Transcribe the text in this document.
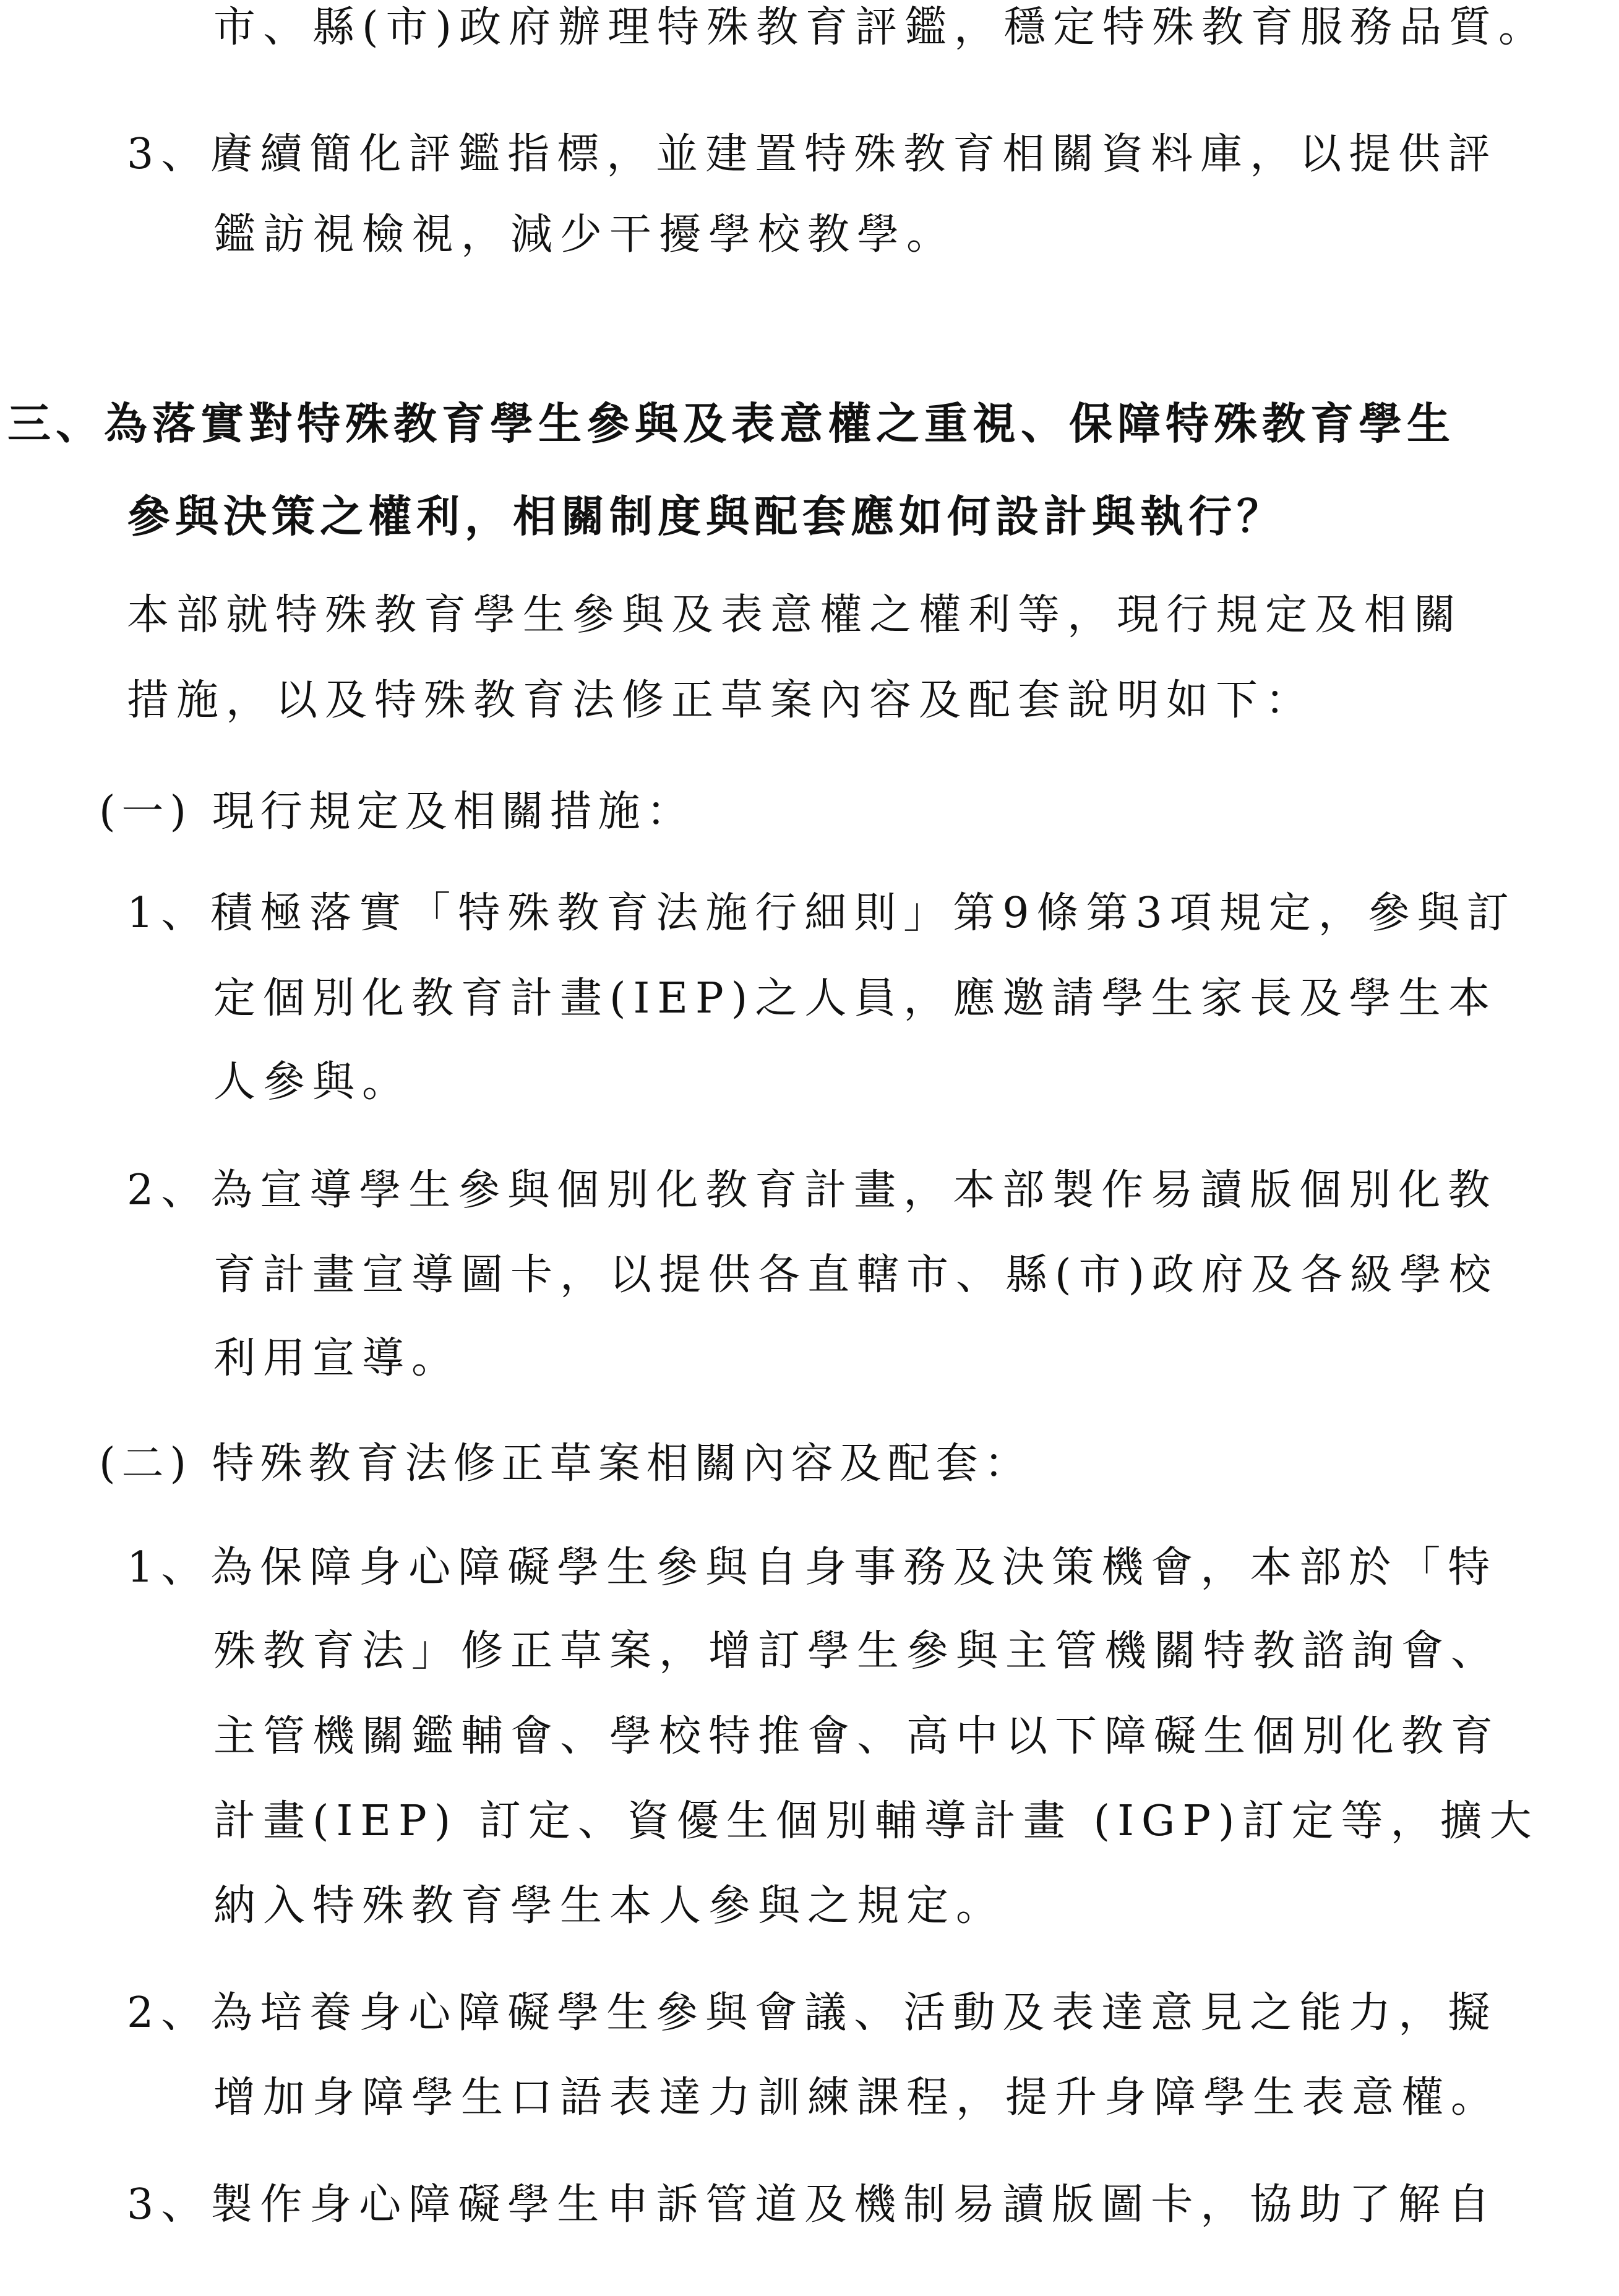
市、縣(市)政府辦理特殊教育評鑑，穩定特殊教育服務品質。
3、賡續簡化評鑑指標，並建置特殊教育相關資料庫，以提供評
鑑訪視檢視，減少干擾學校教學。
三、為落實對特殊教育學生參與及表意權之重視、保障特殊教育學生
參與決策之權利，相關制度與配套應如何設計與執行？
本部就特殊教育學生參與及表意權之權利等，現行規定及相關
措施，以及特殊教育法修正草案內容及配套說明如下：
(一) 現行規定及相關措施：
1、積極落實「特殊教育法施行細則」第9條第3項規定，參與訂
定個別化教育計畫(IEP)之人員，應邀請學生家長及學生本
人參與。
2、為宣導學生參與個別化教育計畫，本部製作易讀版個別化教
育計畫宣導圖卡，以提供各直轄市、縣(市)政府及各級學校
利用宣導。
(二) 特殊教育法修正草案相關內容及配套：
1、為保障身心障礙學生參與自身事務及決策機會，本部於「特
殊教育法」修正草案，增訂學生參與主管機關特教諮詢會、
主管機關鑑輔會、學校特推會、高中以下障礙生個別化教育
計畫(IEP) 訂定、資優生個別輔導計畫 (IGP)訂定等，擴大
納入特殊教育學生本人參與之規定。
2、為培養身心障礙學生參與會議、活動及表達意見之能力，擬
增加身障學生口語表達力訓練課程，提升身障學生表意權。
3、製作身心障礙學生申訴管道及機制易讀版圖卡，協助了解自
